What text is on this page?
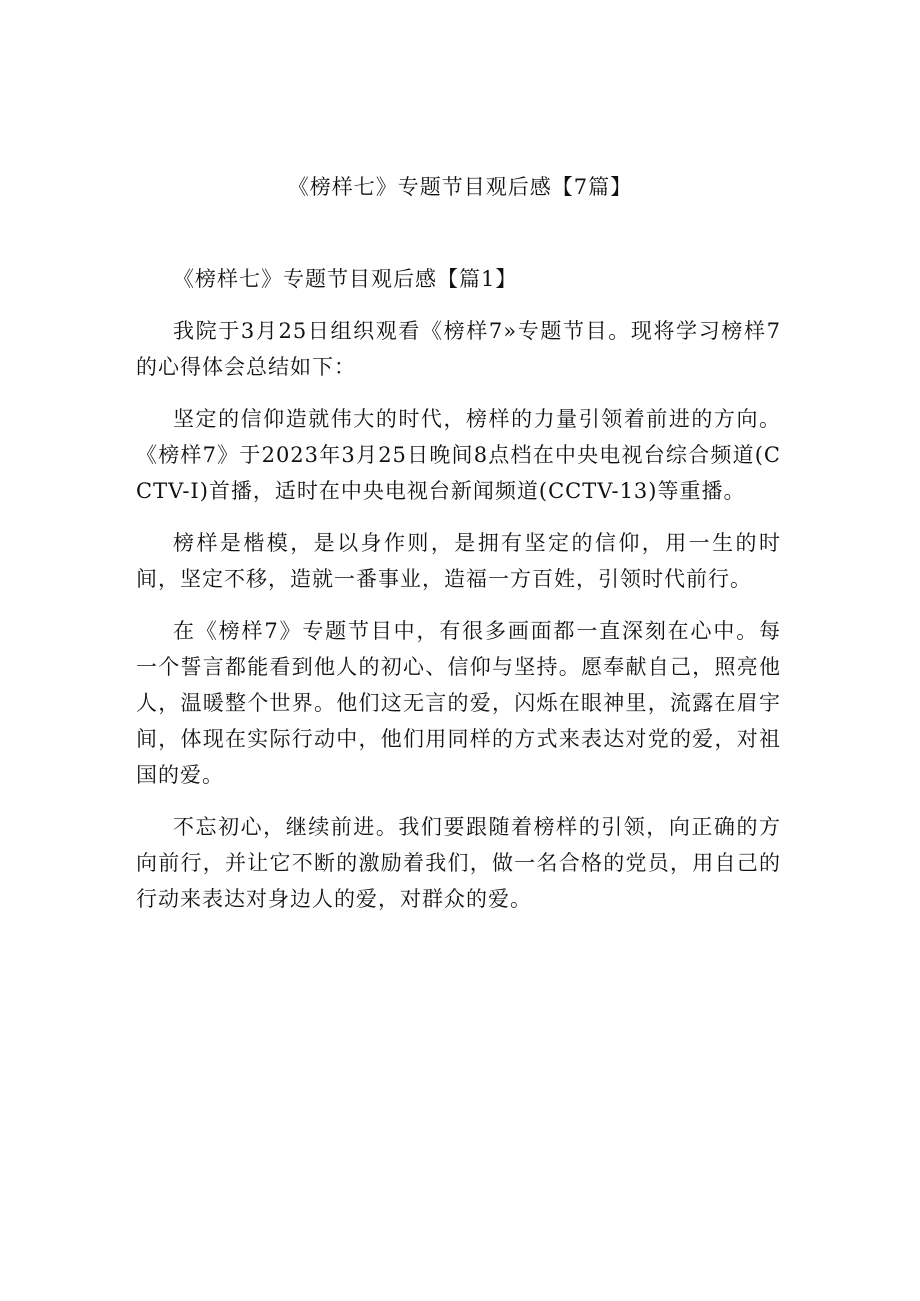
《榜样七》专题节目观后感【7篇】

《榜样七》专题节目观后感【篇1】

我院于3月25日组织观看《榜样7»专题节目。现将学习榜样7的心得体会总结如下：

坚定的信仰造就伟大的时代，榜样的力量引领着前进的方向。《榜样7》于2023年3月25日晚间8点档在中央电视台综合频道(CCTV-I)首播，适时在中央电视台新闻频道(CCTV-13)等重播。

榜样是楷模，是以身作则，是拥有坚定的信仰，用一生的时间，坚定不移，造就一番事业，造福一方百姓，引领时代前行。

在《榜样7》专题节目中，有很多画面都一直深刻在心中。每一个誓言都能看到他人的初心、信仰与坚持。愿奉献自己，照亮他人，温暖整个世界。他们这无言的爱，闪烁在眼神里，流露在眉宇间，体现在实际行动中，他们用同样的方式来表达对党的爱，对祖国的爱。

不忘初心，继续前进。我们要跟随着榜样的引领，向正确的方向前行，并让它不断的激励着我们，做一名合格的党员，用自己的行动来表达对身边人的爱，对群众的爱。
